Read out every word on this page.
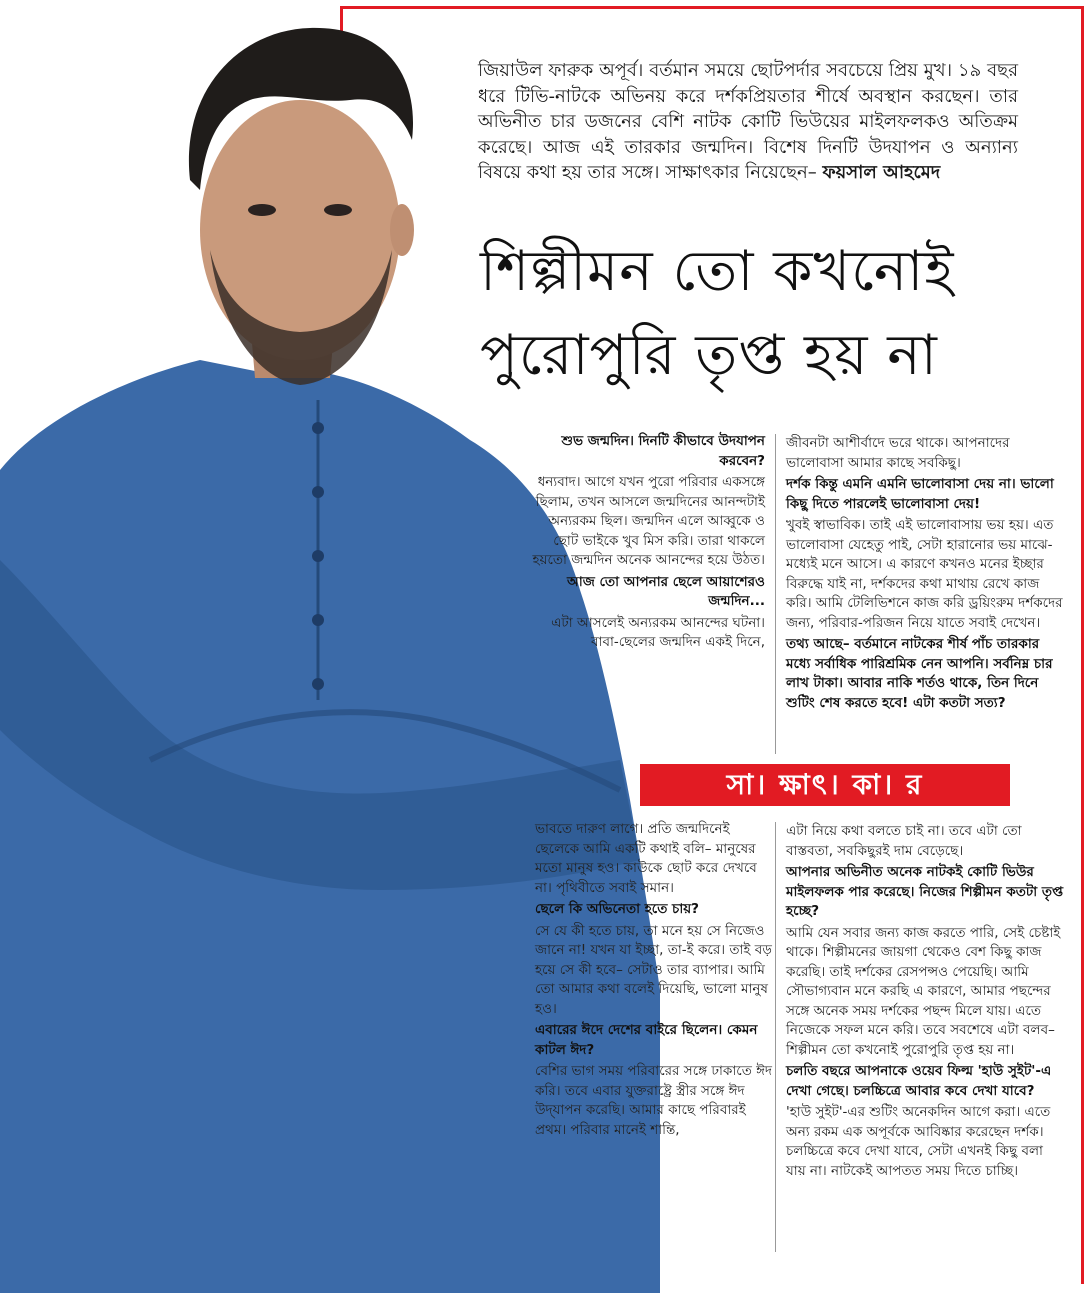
জিয়াউল ফারুক অপূর্ব। বর্তমান সময়ে ছোটপর্দার সবচেয়ে প্রিয় মুখ। ১৯ বছর ধরে টিভি-নাটকে অভিনয় করে দর্শকপ্রিয়তার শীর্ষে অবস্থান করছেন। তার অভিনীত চার ডজনের বেশি নাটক কোটি ভিউয়ের মাইলফলকও অতিক্রম করেছে। আজ এই তারকার জন্মদিন। বিশেষ দিনটি উদযাপন ও অন্যান্য বিষয়ে কথা হয় তার সঙ্গে। সাক্ষাৎকার নিয়েছেন– ফয়সাল আহমেদ
শিল্পীমন তো কখনোই
পুরোপুরি তৃপ্ত হয় না

শুভ জন্মদিন। দিনটি কীভাবে উদযাপন করবেন?

ধন্যবাদ। আগে যখন পুরো পরিবার একসঙ্গে ছিলাম, তখন আসলে জন্মদিনের আনন্দটাই অন্যরকম ছিল। জন্মদিন এলে আব্বুকে ও ছোট ভাইকে খুব মিস করি। তারা থাকলে হয়তো জন্মদিন অনেক আনন্দের হয়ে উঠত।

আজ তো আপনার ছেলে আয়াশেরও জন্মদিন...

এটা আসলেই অন্যরকম আনন্দের ঘটনা। বাবা-ছেলের জন্মদিন একই দিনে,

জীবনটা আশীর্বাদে ভরে থাকে। আপনাদের ভালোবাসা আমার কাছে সবকিছু।

দর্শক কিন্তু এমনি এমনি ভালোবাসা দেয় না। ভালো কিছু দিতে পারলেই ভালোবাসা দেয়!

খুবই স্বাভাবিক। তাই এই ভালোবাসায় ভয় হয়। এত ভালোবাসা যেহেতু পাই, সেটা হারানোর ভয় মাঝে-মধ্যেই মনে আসে। এ কারণে কখনও মনের ইচ্ছার বিরুদ্ধে যাই না, দর্শকদের কথা মাথায় রেখে কাজ করি। আমি টেলিভিশনে কাজ করি ড্রয়িংরুম দর্শকদের জন্য, পরিবার-পরিজন নিয়ে যাতে সবাই দেখেন।

তথ্য আছে– বর্তমানে নাটকের শীর্ষ পাঁচ তারকার মধ্যে সর্বাধিক পারিশ্রমিক নেন আপনি। সর্বনিম্ন চার লাখ টাকা। আবার নাকি শর্তও থাকে, তিন দিনে শুটিং শেষ করতে হবে! এটা কতটা সত্য?

সা। ক্ষাৎ। কা। র

ভাবতে দারুণ লাগে। প্রতি জন্মদিনেই ছেলেকে আমি একটি কথাই বলি– মানুষের মতো মানুষ হও। কাউকে ছোট করে দেখবে না। পৃথিবীতে সবাই সমান।

ছেলে কি অভিনেতা হতে চায়?

সে যে কী হতে চায়, তা মনে হয় সে নিজেও জানে না! যখন যা ইচ্ছা, তা-ই করে। তাই বড় হয়ে সে কী হবে– সেটাও তার ব্যাপার। আমি তো আমার কথা বলেই দিয়েছি, ভালো মানুষ হও।

এবারের ঈদে দেশের বাইরে ছিলেন। কেমন কাটল ঈদ?

বেশির ভাগ সময় পরিবারের সঙ্গে ঢাকাতে ঈদ করি। তবে এবার যুক্তরাষ্ট্রে স্ত্রীর সঙ্গে ঈদ উদ্‌যাপন করেছি। আমার কাছে পরিবারই প্রথম। পরিবার মানেই শান্তি,

এটা নিয়ে কথা বলতে চাই না। তবে এটা তো বাস্তবতা, সবকিছুরই দাম বেড়েছে।

আপনার অভিনীত অনেক নাটকই কোটি ভিউর মাইলফলক পার করেছে। নিজের শিল্পীমন কতটা তৃপ্ত হচ্ছে?

আমি যেন সবার জন্য কাজ করতে পারি, সেই চেষ্টাই থাকে। শিল্পীমনের জায়গা থেকেও বেশ কিছু কাজ করেছি। তাই দর্শকের রেসপন্সও পেয়েছি। আমি সৌভাগ্যবান মনে করছি এ কারণে, আমার পছন্দের সঙ্গে অনেক সময় দর্শকের পছন্দ মিলে যায়। এতে নিজেকে সফল মনে করি। তবে সবশেষে এটা বলব– শিল্পীমন তো কখনোই পুরোপুরি তৃপ্ত হয় না।

চলতি বছরে আপনাকে ওয়েব ফিল্ম 'হাউ সুইট'-এ দেখা গেছে। চলচ্চিত্রে আবার কবে দেখা যাবে?

'হাউ সুইট'-এর শুটিং অনেকদিন আগে করা। এতে অন্য রকম এক অপূর্বকে আবিষ্কার করেছেন দর্শক। চলচ্চিত্রে কবে দেখা যাবে, সেটা এখনই কিছু বলা যায় না। নাটকেই আপতত সময় দিতে চাচ্ছি।
